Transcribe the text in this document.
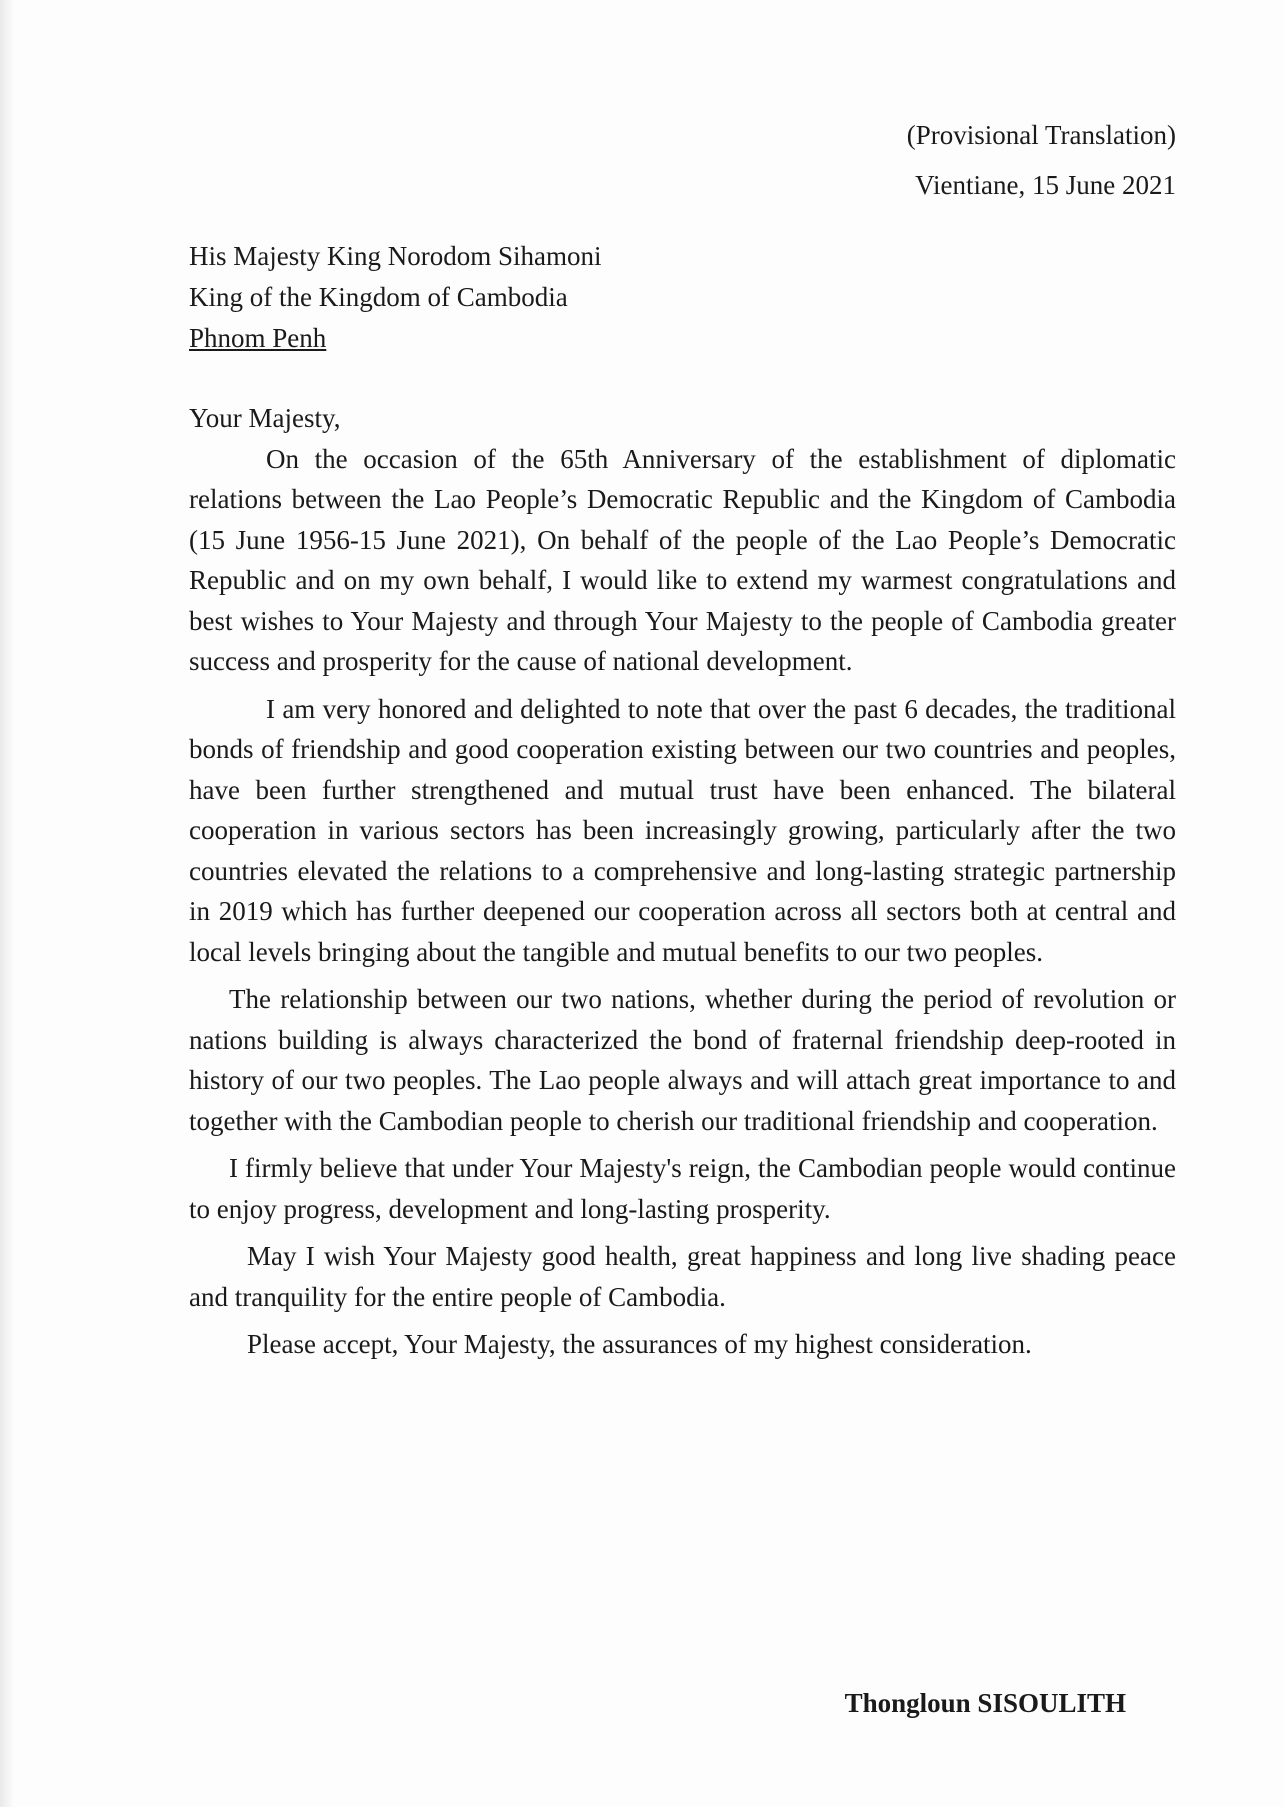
(Provisional Translation)
Vientiane, 15 June 2021
His Majesty King Norodom Sihamoni
King of the Kingdom of Cambodia
Phnom Penh

Your Majesty,

On the occasion of the 65th Anniversary of the establishment of diplomatic relations between the Lao People’s Democratic Republic and the Kingdom of Cambodia (15 June 1956-15 June 2021), On behalf of the people of the Lao People’s Democratic Republic and on my own behalf, I would like to extend my warmest congratulations and best wishes to Your Majesty and through Your Majesty to the people of Cambodia greater success and prosperity for the cause of national development.

I am very honored and delighted to note that over the past 6 decades, the traditional bonds of friendship and good cooperation existing between our two countries and peoples, have been further strengthened and mutual trust have been enhanced. The bilateral cooperation in various sectors has been increasingly growing, particularly after the two countries elevated the relations to a comprehensive and long-lasting strategic partnership in 2019 which has further deepened our cooperation across all sectors both at central and local levels bringing about the tangible and mutual benefits to our two peoples.

The relationship between our two nations, whether during the period of revolution or nations building is always characterized the bond of fraternal friendship deep-rooted in history of our two peoples. The Lao people always and will attach great importance to and together with the Cambodian people to cherish our traditional friendship and cooperation.

I firmly believe that under Your Majesty's reign, the Cambodian people would continue to enjoy progress, development and long-lasting prosperity.

May I wish Your Majesty good health, great happiness and long live shading peace and tranquility for the entire people of Cambodia.

Please accept, Your Majesty, the assurances of my highest consideration.

Thongloun SISOULITH
